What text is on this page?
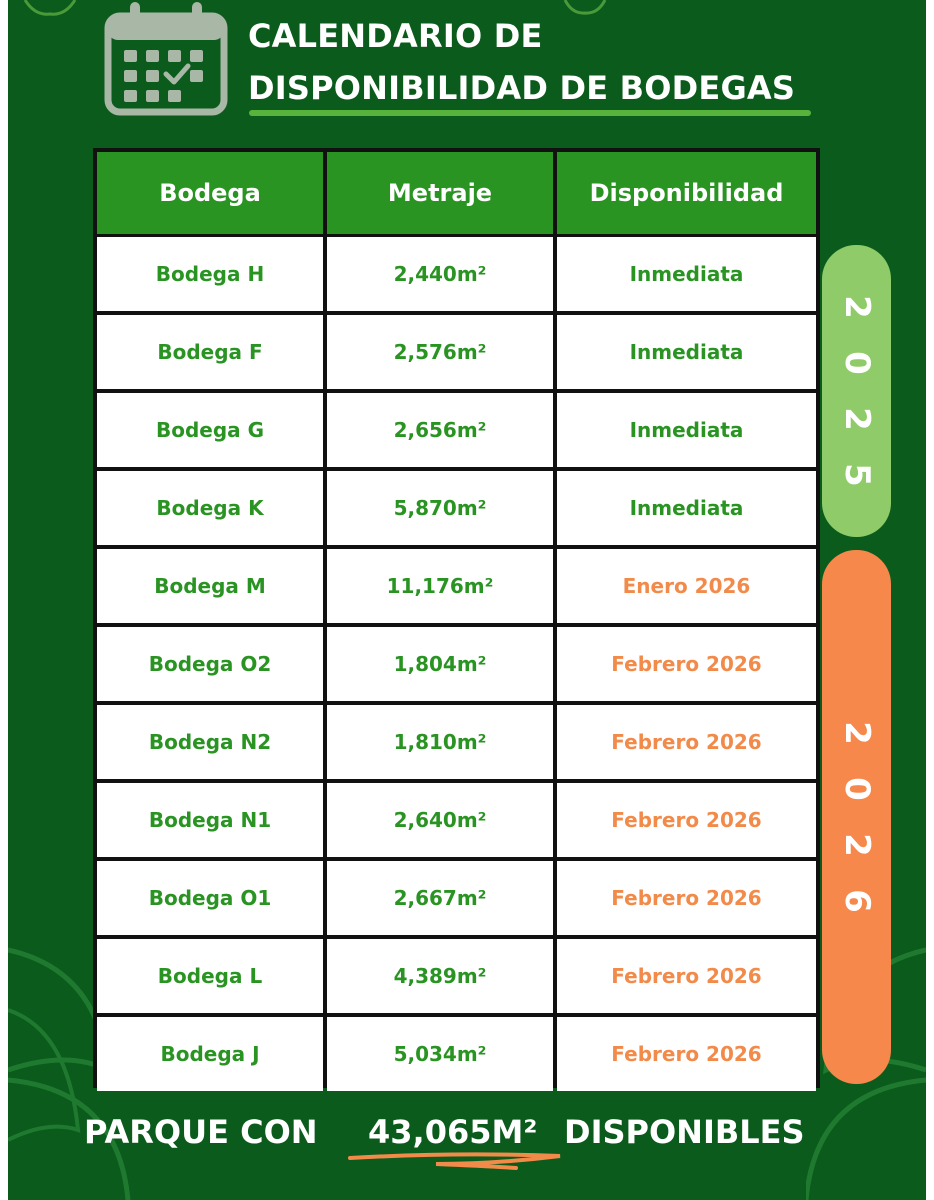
CALENDARIO DE
DISPONIBILIDAD DE BODEGAS
Bodega	Metraje	Disponibilidad
Bodega H	2,440m²	Inmediata
Bodega F	2,576m²	Inmediata
Bodega G	2,656m²	Inmediata
Bodega K	5,870m²	Inmediata
Bodega M	11,176m²	Enero 2026
Bodega O2	1,804m²	Febrero 2026
Bodega N2	1,810m²	Febrero 2026
Bodega N1	2,640m²	Febrero 2026
Bodega O1	2,667m²	Febrero 2026
Bodega L	4,389m²	Febrero 2026
Bodega J	5,034m²	Febrero 2026
2
0
2
5
2
0
2
6
PARQUE CON 43,065M² DISPONIBLES
